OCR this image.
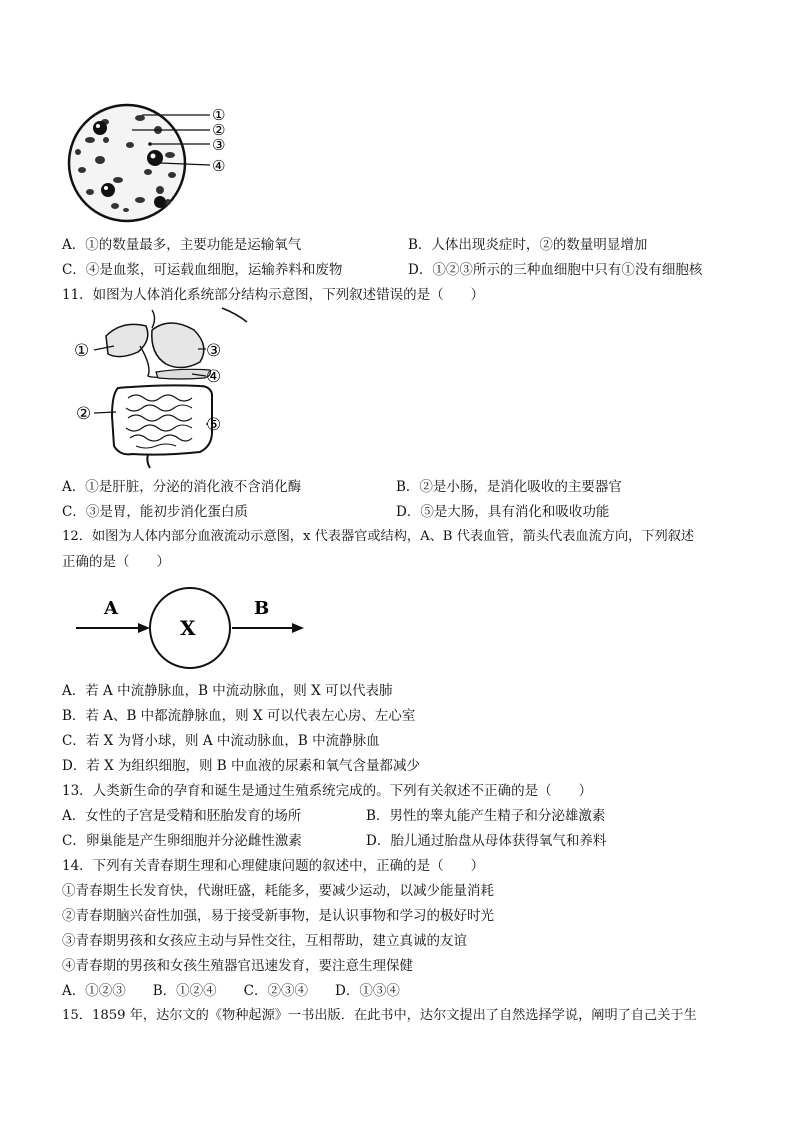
①
②
③
④
A．①的数量最多，主要功能是运输氧气	B．人体出现炎症时，②的数量明显增加
C．④是血浆，可运载血细胞，运输养料和废物	D．①②③所示的三种血细胞中只有①没有细胞核
11．如图为人体消化系统部分结构示意图，下列叙述错误的是（　　）
①
②
③
④
⑤
A．①是肝脏，分泌的消化液不含消化酶	B．②是小肠，是消化吸收的主要器官
C．③是胃，能初步消化蛋白质	D．⑤是大肠，具有消化和吸收功能
12．如图为人体内部分血液流动示意图，x 代表器官或结构，A、B 代表血管，箭头代表血流方向，下列叙述
正确的是（　　）
A
X
B
A．若 A 中流静脉血，B 中流动脉血，则 X 可以代表肺
B．若 A、B 中都流静脉血，则 X 可以代表左心房、左心室
C．若 X 为肾小球，则 A 中流动脉血，B 中流静脉血
D．若 X 为组织细胞，则 B 中血液的尿素和氧气含量都减少
13．人类新生命的孕育和诞生是通过生殖系统完成的。下列有关叙述不正确的是（　　）
A．女性的子宫是受精和胚胎发育的场所	B．男性的睾丸能产生精子和分泌雄激素
C．卵巢能是产生卵细胞并分泌雌性激素	D．胎儿通过胎盘从母体获得氧气和养料
14．下列有关青春期生理和心理健康问题的叙述中，正确的是（　　）
①青春期生长发育快，代谢旺盛，耗能多，要减少运动，以减少能量消耗
②青春期脑兴奋性加强，易于接受新事物，是认识事物和学习的极好时光
③青春期男孩和女孩应主动与异性交往，互相帮助，建立真诚的友谊
④青春期的男孩和女孩生殖器官迅速发育，要注意生理保健
A．①②③　　B．①②④　　C．②③④　　D．①③④
15．1859 年，达尔文的《物种起源》一书出版．在此书中，达尔文提出了自然选择学说，阐明了自己关于生
